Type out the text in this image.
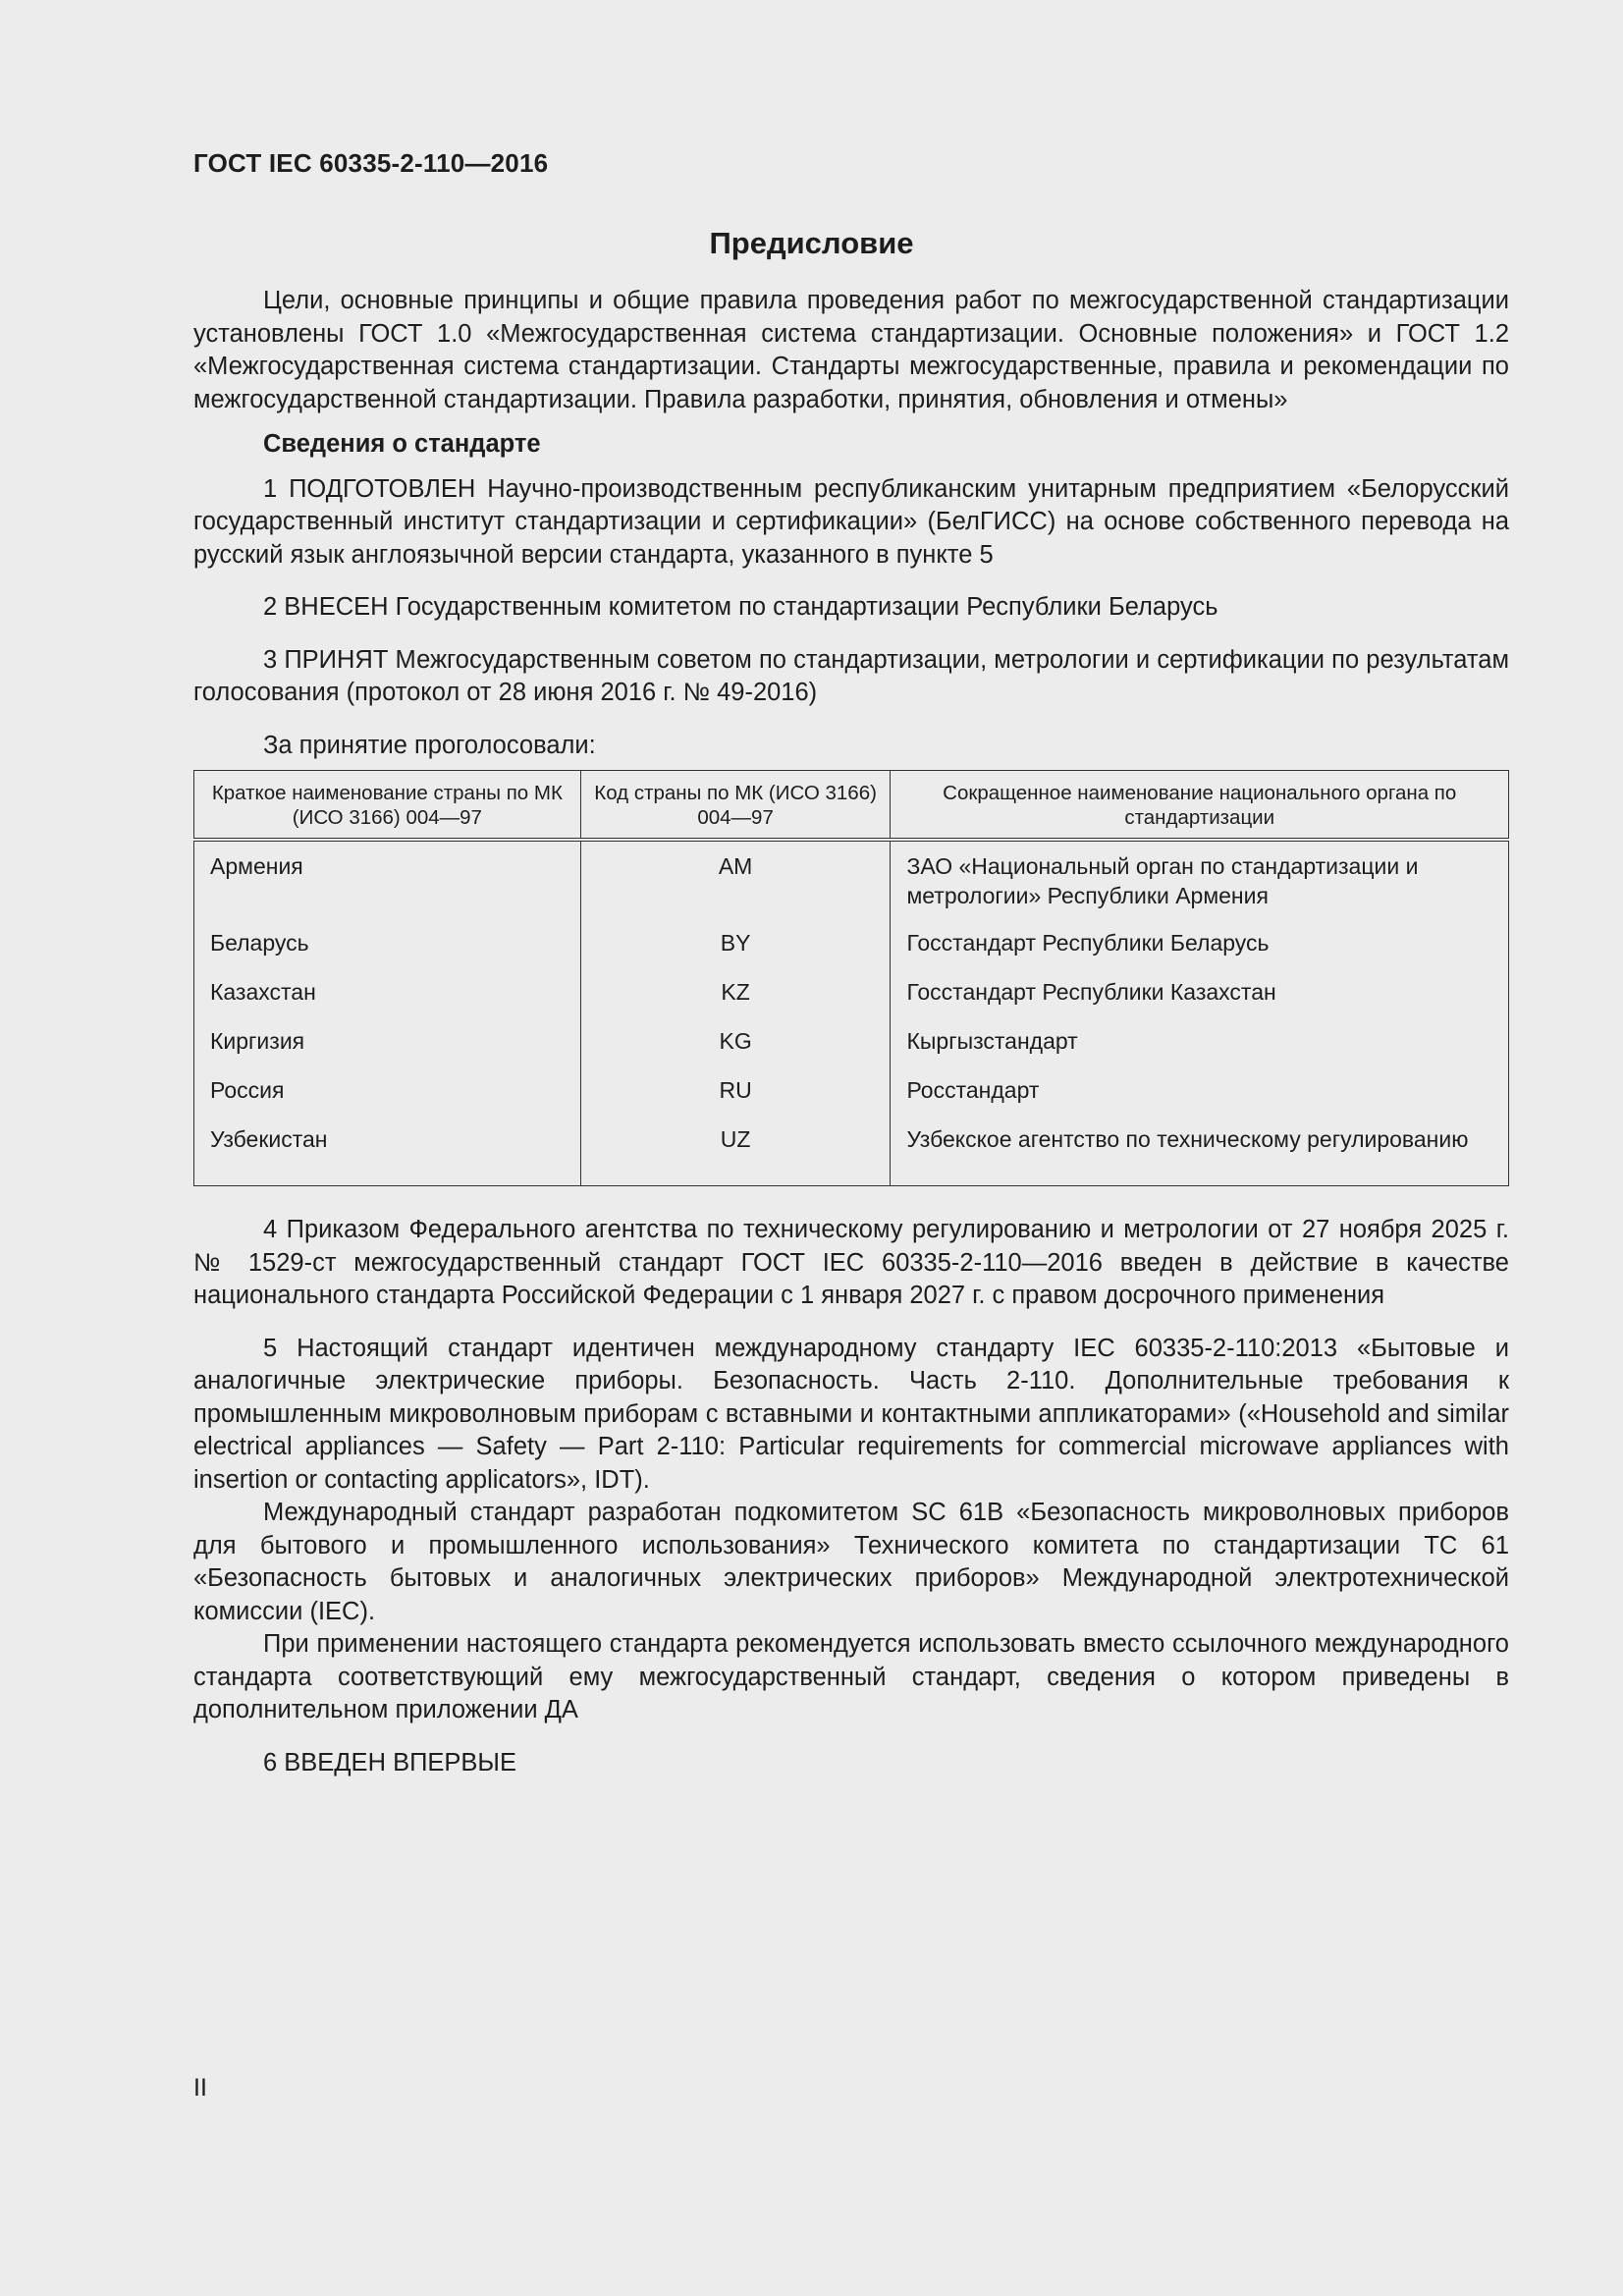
ГОСТ IEC 60335-2-110—2016
Предисловие

Цели, основные принципы и общие правила проведения работ по межгосударственной стандартизации установлены ГОСТ 1.0 «Межгосударственная система стандартизации. Основные положения» и ГОСТ 1.2 «Межгосударственная система стандартизации. Стандарты межгосударственные, правила и рекомендации по межгосударственной стандартизации. Правила разработки, принятия, обновления и отмены»

Сведения о стандарте

1 ПОДГОТОВЛЕН Научно-производственным республиканским унитарным предприятием «Белорусский государственный институт стандартизации и сертификации» (БелГИСС) на основе собственного перевода на русский язык англоязычной версии стандарта, указанного в пункте 5

2 ВНЕСЕН Государственным комитетом по стандартизации Республики Беларусь

3 ПРИНЯТ Межгосударственным советом по стандартизации, метрологии и сертификации по результатам голосования (протокол от 28 июня 2016 г. № 49-2016)

За принятие проголосовали:

Краткое наименование страны по МК (ИСО 3166) 004—97	Код страны по МК (ИСО 3166) 004—97	Сокращенное наименование национального органа по стандартизации
Армения	AM	ЗАО «Национальный орган по стандартизации и метрологии» Республики Армения
Беларусь	BY	Госстандарт Республики Беларусь
Казахстан	KZ	Госстандарт Республики Казахстан
Киргизия	KG	Кыргызстандарт
Россия	RU	Росстандарт
Узбекистан	UZ	Узбекское агентство по техническому регулированию

4 Приказом Федерального агентства по техническому регулированию и метрологии от 27 ноября 2025 г. № 1529-ст межгосударственный стандарт ГОСТ IEC 60335-2-110—2016 введен в действие в качестве национального стандарта Российской Федерации с 1 января 2027 г. с правом досрочного применения

5 Настоящий стандарт идентичен международному стандарту IEC 60335-2-110:2013 «Бытовые и аналогичные электрические приборы. Безопасность. Часть 2-110. Дополнительные требования к промышленным микроволновым приборам с вставными и контактными аппликаторами» («Household and similar electrical appliances — Safety — Part 2-110: Particular requirements for commercial microwave appliances with insertion or contacting applicators», IDT).

Международный стандарт разработан подкомитетом SC 61B «Безопасность микроволновых приборов для бытового и промышленного использования» Технического комитета по стандартизации TC 61 «Безопасность бытовых и аналогичных электрических приборов» Международной электротехнической комиссии (IEC).

При применении настоящего стандарта рекомендуется использовать вместо ссылочного международного стандарта соответствующий ему межгосударственный стандарт, сведения о котором приведены в дополнительном приложении ДА

6 ВВЕДЕН ВПЕРВЫЕ

II
